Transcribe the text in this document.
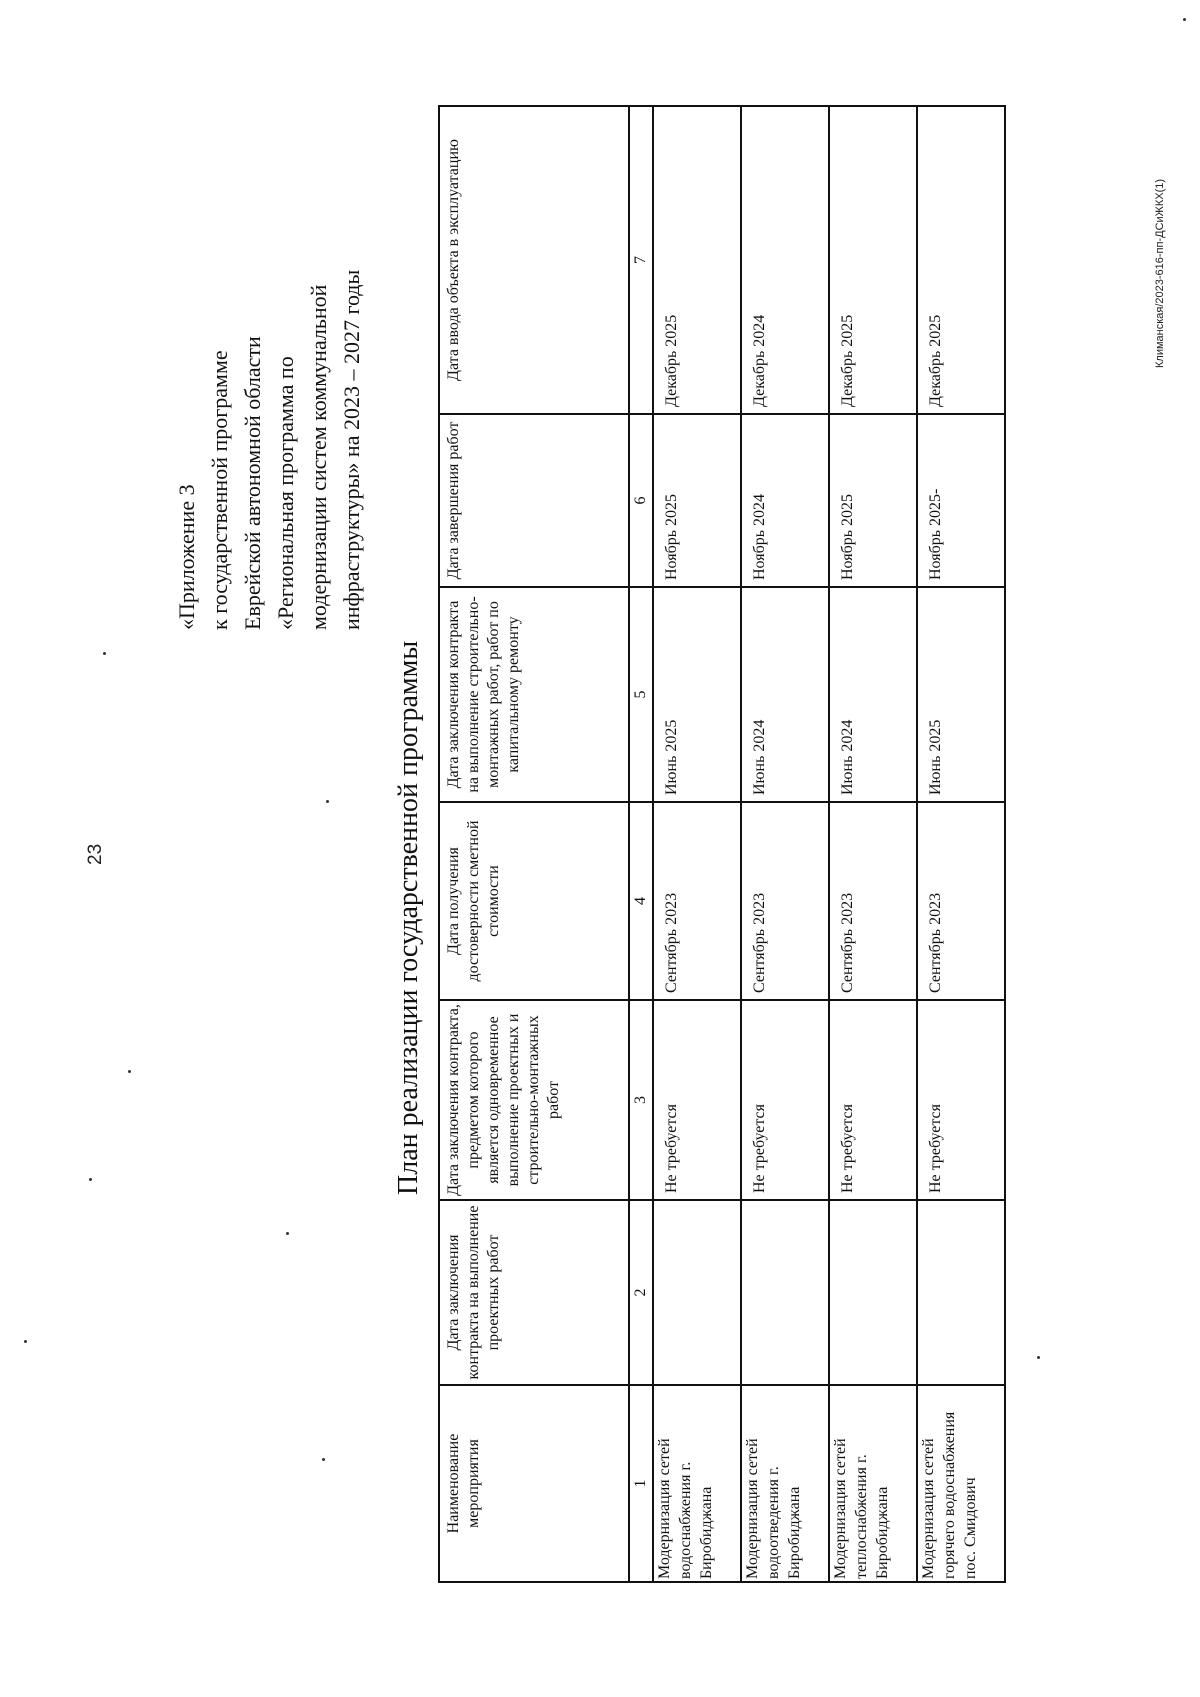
23
«Приложение 3 к государственной программе Еврейской автономной области «Региональная программа по модернизации систем коммунальной инфраструктуры» на 2023 – 2027 годы
План реализации государственной программы
Наименование мероприятия	Дата заключения контракта на выполнение проектных работ	Дата заключения контракта, предметом которого является одновременное выполнение проектных и строительно-монтажных работ	Дата получения достоверности сметной стоимости	Дата заключения контракта на выполнение строительно-монтажных работ, работ по капитальному ремонту	Дата завершения работ	Дата ввода объекта в эксплуатацию
1	2	3	4	5	6	7
Модернизация сетей водоснабжения г. Биробиджана		Не требуется	Сентябрь 2023	Июнь 2025	Ноябрь 2025	Декабрь 2025
Модернизация сетей водоотведения г. Биробиджана		Не требуется	Сентябрь 2023	Июнь 2024	Ноябрь 2024	Декабрь 2024
Модернизация сетей теплоснабжения г. Биробиджана		Не требуется	Сентябрь 2023	Июнь 2024	Ноябрь 2025	Декабрь 2025
Модернизация сетей горячего водоснабжения пос. Смидович		Не требуется	Сентябрь 2023	Июнь 2025	Ноябрь 2025-	Декабрь 2025	Климанская/2023-616-пп-ДСиЖКХ(1)
